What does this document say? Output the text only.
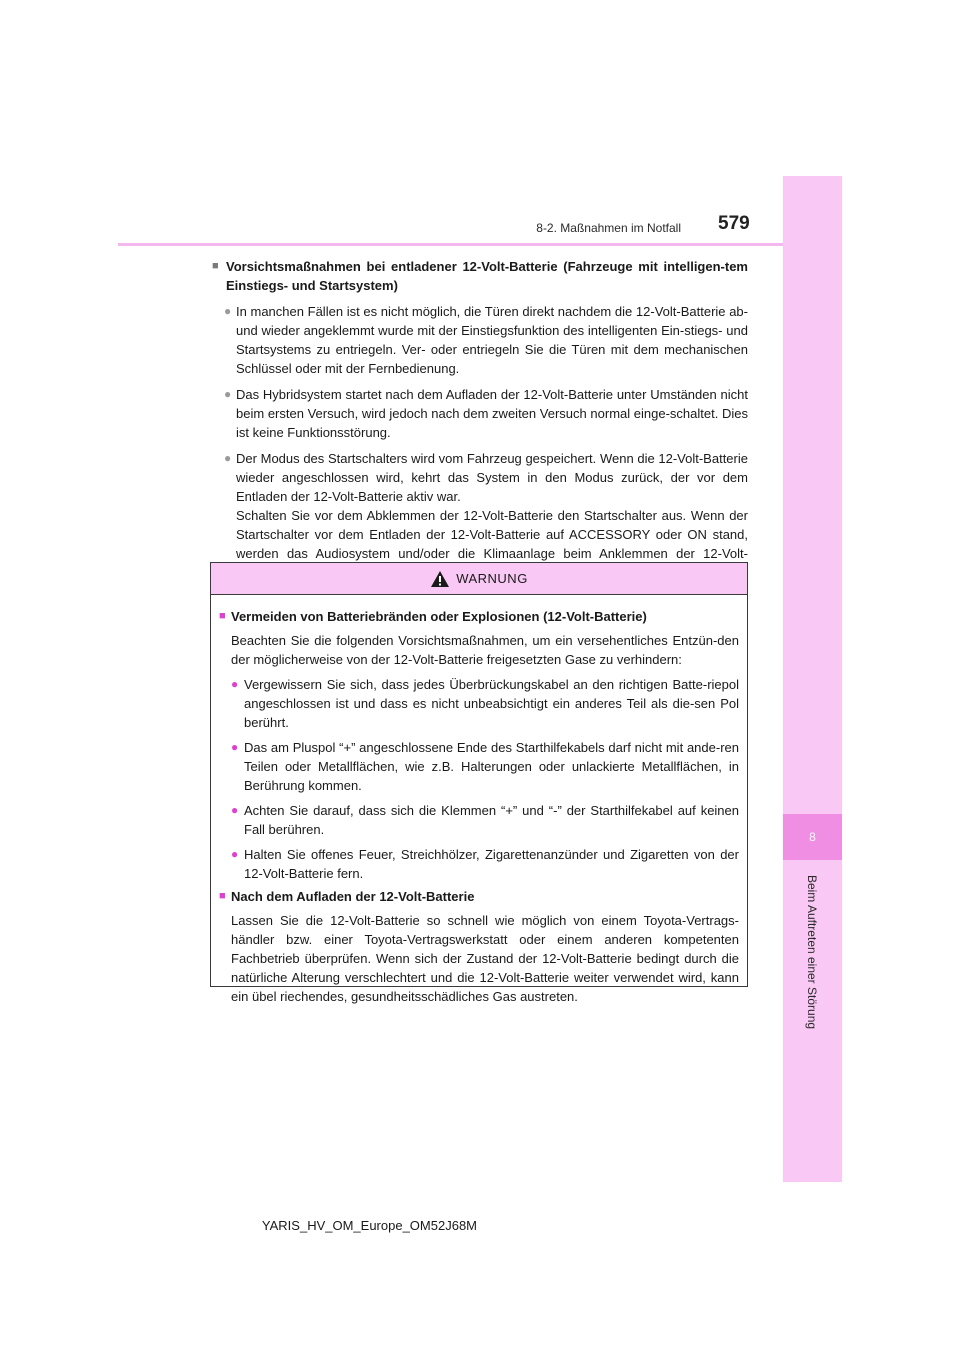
8
Beim Auftreten einer Störung
8-2. Maßnahmen im Notfall 579
■ Vorsichtsmaßnahmen bei entladener 12-Volt-Batterie (Fahrzeuge mit intelligen-tem Einstiegs- und Startsystem)
● In manchen Fällen ist es nicht möglich, die Türen direkt nachdem die 12-Volt-Batterie ab- und wieder angeklemmt wurde mit der Einstiegsfunktion des intelligenten Ein-stiegs- und Startsystems zu entriegeln. Ver- oder entriegeln Sie die Türen mit dem mechanischen Schlüssel oder mit der Fernbedienung.

● Das Hybridsystem startet nach dem Aufladen der 12-Volt-Batterie unter Umständen nicht beim ersten Versuch, wird jedoch nach dem zweiten Versuch normal einge-schaltet. Dies ist keine Funktionsstörung.

● Der Modus des Startschalters wird vom Fahrzeug gespeichert. Wenn die 12-Volt-Batterie wieder angeschlossen wird, kehrt das System in den Modus zurück, der vor dem Entladen der 12-Volt-Batterie aktiv war.

Schalten Sie vor dem Abklemmen der 12-Volt-Batterie den Startschalter aus. Wenn der Startschalter vor dem Entladen der 12-Volt-Batterie auf ACCESSORY oder ON stand, werden das Audiosystem und/oder die Klimaanlage beim Anklemmen der 12-Volt-

WARNUNG
■ Vermeiden von Batteriebränden oder Explosionen (12-Volt-Batterie)
Beachten Sie die folgenden Vorsichtsmaßnahmen, um ein versehentliches Entzün-den der möglicherweise von der 12-Volt-Batterie freigesetzten Gase zu verhindern:
● Vergewissern Sie sich, dass jedes Überbrückungskabel an den richtigen Batte-riepol angeschlossen ist und dass es nicht unbeabsichtigt ein anderes Teil als die-sen Pol berührt.
● Das am Pluspol “+” angeschlossene Ende des Starthilfekabels darf nicht mit ande-ren Teilen oder Metallflächen, wie z.B. Halterungen oder unlackierte Metallflächen, in Berührung kommen.
● Achten Sie darauf, dass sich die Klemmen “+” und “-” der Starthilfekabel auf keinen Fall berühren.
● Halten Sie offenes Feuer, Streichhölzer, Zigarettenanzünder und Zigaretten von der 12-Volt-Batterie fern.
■ Nach dem Aufladen der 12-Volt-Batterie
Lassen Sie die 12-Volt-Batterie so schnell wie möglich von einem Toyota-Vertrags-händler bzw. einer Toyota-Vertragswerkstatt oder einem anderen kompetenten Fachbetrieb überprüfen. Wenn sich der Zustand der 12-Volt-Batterie bedingt durch die natürliche Alterung verschlechtert und die 12-Volt-Batterie weiter verwendet wird, kann ein übel riechendes, gesundheitsschädliches Gas austreten.
YARIS_HV_OM_Europe_OM52J68M
